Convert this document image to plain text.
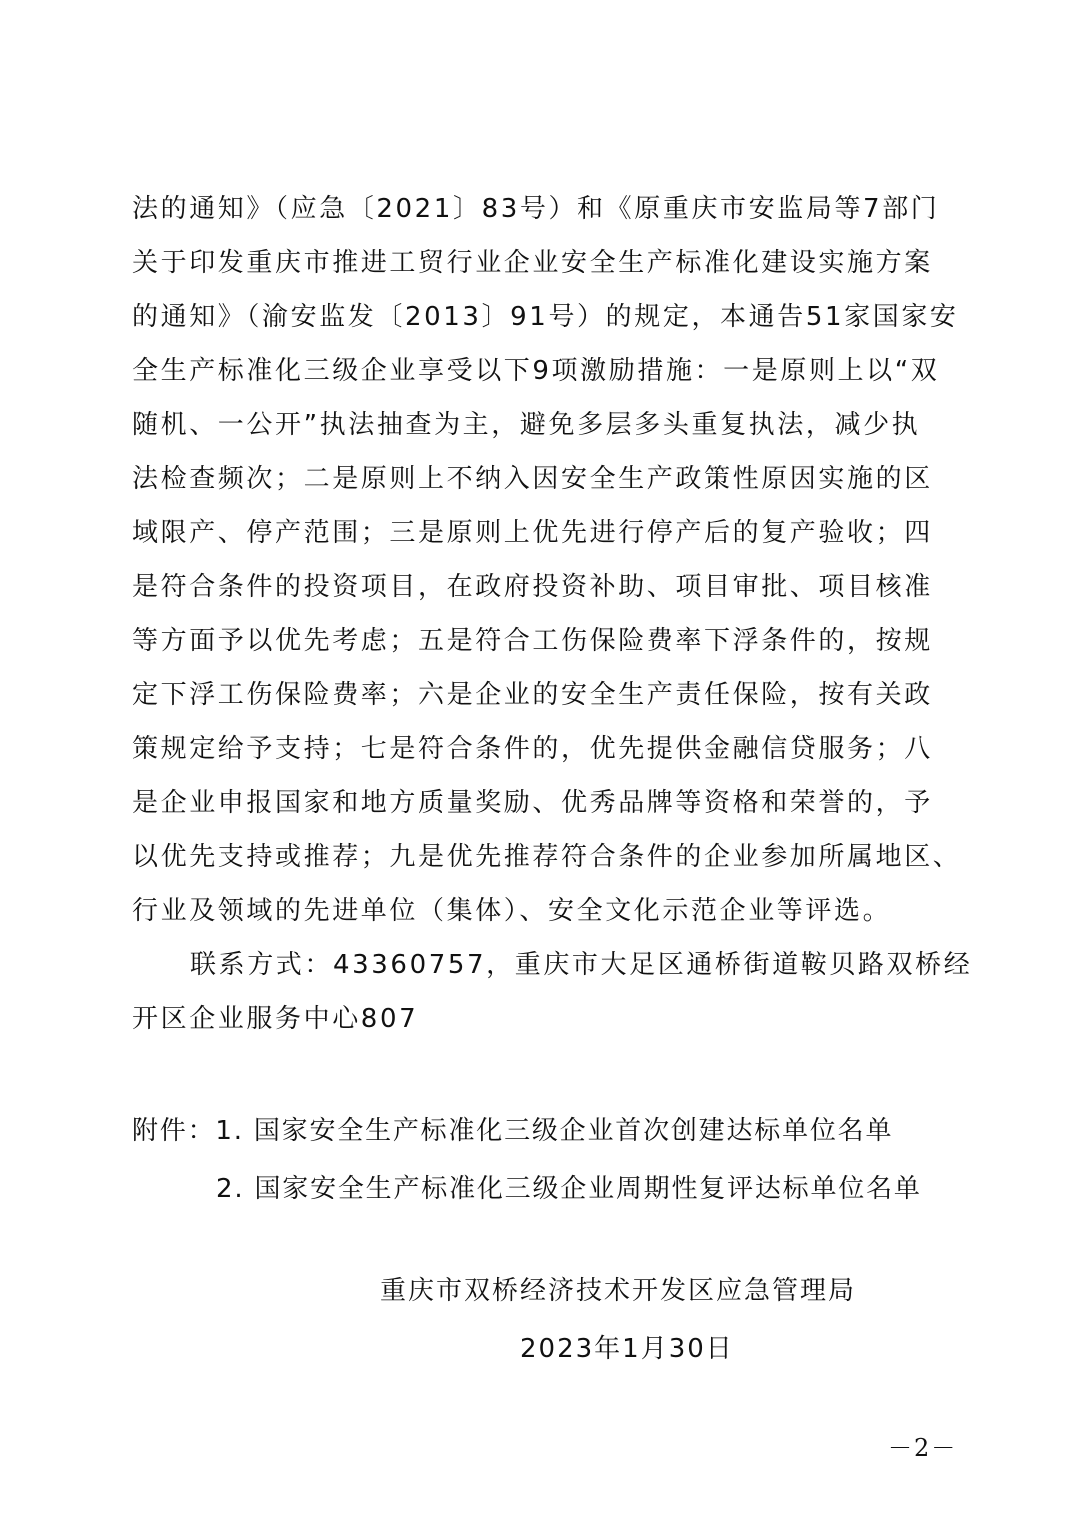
法的通知》（应急〔2021〕83号）和《原重庆市安监局等7部门
关于印发重庆市推进工贸行业企业安全生产标准化建设实施方案
的通知》（渝安监发〔2013〕91号）的规定，本通告51家国家安
全生产标准化三级企业享受以下9项激励措施：一是原则上以“双
随机、一公开”执法抽查为主，避免多层多头重复执法，减少执
法检查频次；二是原则上不纳入因安全生产政策性原因实施的区
域限产、停产范围；三是原则上优先进行停产后的复产验收；四
是符合条件的投资项目，在政府投资补助、项目审批、项目核准
等方面予以优先考虑；五是符合工伤保险费率下浮条件的，按规
定下浮工伤保险费率；六是企业的安全生产责任保险，按有关政
策规定给予支持；七是符合条件的，优先提供金融信贷服务；八
是企业申报国家和地方质量奖励、优秀品牌等资格和荣誉的，予
以优先支持或推荐；九是优先推荐符合条件的企业参加所属地区、
行业及领域的先进单位（集体）、安全文化示范企业等评选。
联系方式：43360757，重庆市大足区通桥街道鞍贝路双桥经
开区企业服务中心807
附件：1. 国家安全生产标准化三级企业首次创建达标单位名单
2. 国家安全生产标准化三级企业周期性复评达标单位名单
重庆市双桥经济技术开发区应急管理局
2023年1月30日
－2－
